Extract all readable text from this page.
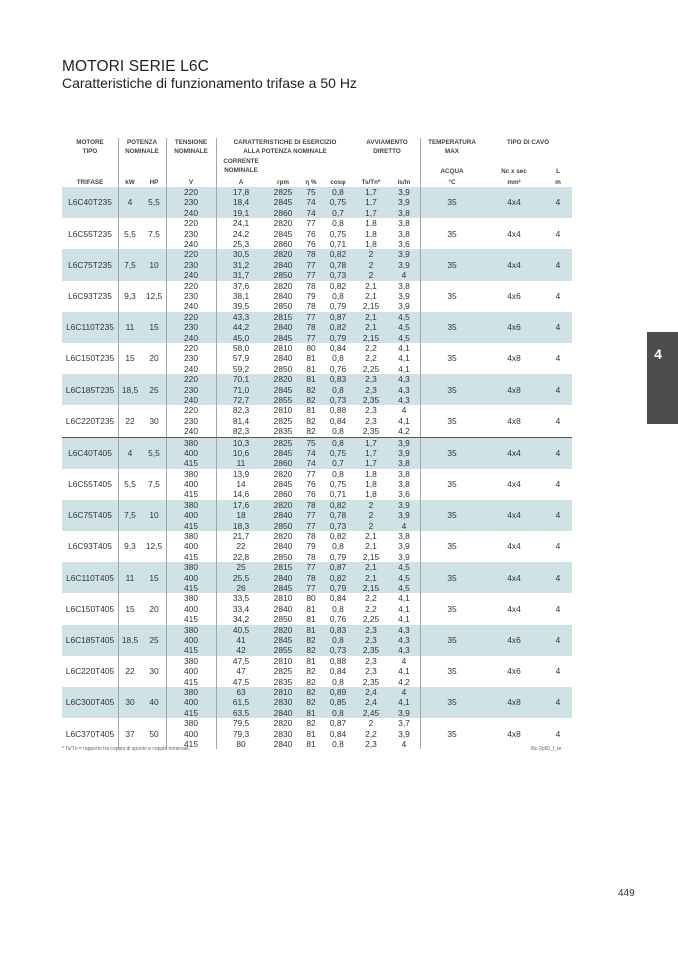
MOTORI SERIE L6C
Caratteristiche di funzionamento trifase a 50 Hz
MOTORE
TIPO
POTENZA
NOMINALE
TENSIONE
NOMINALE
CARATTERISTICHE DI ESERCIZIO
ALLA POTENZA NOMINALE
CORRENTE
NOMINALE
AVVIAMENTO
DIRETTO
TEMPERATURA
MAX
ACQUA
TIPO DI CAVO
Nc x sec	L
TRIFASE	kW	HP	V	A	rpm	η %	cosφ	Ts/Tn*	Is/In	°C	mm²	m
L6C40T235	4	5,5	35	4x4	4
220	17,8	2825	75	0,8	1,7	3,9
230	18,4	2845	74	0,75	1,7	3,9
240	19,1	2860	74	0,7	1,7	3,8
L6C55T235	5,5	7,5	35	4x4	4
220	24,1	2820	77	0,8	1,8	3,8
230	24,2	2845	76	0,75	1,8	3,8
240	25,3	2860	76	0,71	1,8	3,6
L6C75T235	7,5	10	35	4x4	4
220	30,5	2820	78	0,82	2	3,9
230	31,2	2840	77	0,78	2	3,9
240	31,7	2850	77	0,73	2	4
L6C93T235	9,3	12,5	35	4x6	4
220	37,6	2820	78	0,82	2,1	3,8
230	38,1	2840	79	0,8	2,1	3,9
240	39,5	2850	78	0,79	2,15	3,9
L6C110T235	11	15	35	4x6	4
220	43,3	2815	77	0,87	2,1	4,5
230	44,2	2840	78	0,82	2,1	4,5
240	45,0	2845	77	0,79	2,15	4,5
L6C150T235	15	20	35	4x8	4
220	58,0	2810	80	0,84	2,2	4,1
230	57,9	2840	81	0,8	2,2	4,1
240	59,2	2850	81	0,76	2,25	4,1
L6C185T235 18,5	25	35	4x8	4
220	70,1	2820	81	0,83	2,3	4,3
230	71,0	2845	82	0,8	2,3	4,3
240	72,7	2855	82	0,73	2,35	4,3
L6C220T235	22	30	35	4x8	4
220	82,3	2810	81	0,88	2,3	4
230	81,4	2825	82	0,84	2,3	4,1
240	82,3	2835	82	0,8	2,35	4,2
L6C40T405	4	5,5	35	4x4	4
380	10,3	2825	75	0,8	1,7	3,9
400	10,6	2845	74	0,75	1,7	3,9
415	11	2860	74	0,7	1,7	3,8
L6C55T405	5,5	7,5	35	4x4	4
380	13,9	2820	77	0,8	1,8	3,8
400	14	2845	76	0,75	1,8	3,8
415	14,6	2860	76	0,71	1,8	3,6
L6C75T405	7,5	10	35	4x4	4
380	17,6	2820	78	0,82	2	3,9
400	18	2840	77	0,78	2	3,9
415	18,3	2850	77	0,73	2	4
L6C93T405	9,3	12,5	35	4x4	4
380	21,7	2820	78	0,82	2,1	3,8
400	22	2840	79	0,8	2,1	3,9
415	22,8	2850	78	0,79	2,15	3,9
L6C110T405	11	15	35	4x4	4
380	25	2815	77	0,87	2,1	4,5
400	25,5	2840	78	0,82	2,1	4,5
415	26	2845	77	0,79	2,15	4,5
L6C150T405	15	20	35	4x4	4
380	33,5	2810	80	0,84	2,2	4,1
400	33,4	2840	81	0,8	2,2	4,1
415	34,2	2850	81	0,76	2,25	4,1
L6C185T405 18,5	25	35	4x6	4
380	40,5	2820	81	0,83	2,3	4,3
400	41	2845	82	0,8	2,3	4,3
415	42	2855	82	0,73	2,35	4,3
L6C220T405	22	30	35	4x6	4
380	47,5	2810	81	0,88	2,3	4
400	47	2825	82	0,84	2,3	4,1
415	47,5	2835	82	0,8	2,35	4,2
L6C300T405	30	40	35	4x8	4
380	63	2810	82	0,89	2,4	4
400	61,5	2830	82	0,85	2,4	4,1
415	63,5	2840	81	0,8	2,45	3,9
L6C370T405	37	50	35	4x8	4
380	79,5	2820	82	0,87	2	3,7
400	79,3	2830	81	0,84	2,2	3,9
415	80	2840	81	0,8	2,3	4
* Ts/Tn = rapporto tra coppia di spunto e coppia nominale.	l6c-2p50_f_te
4
449
